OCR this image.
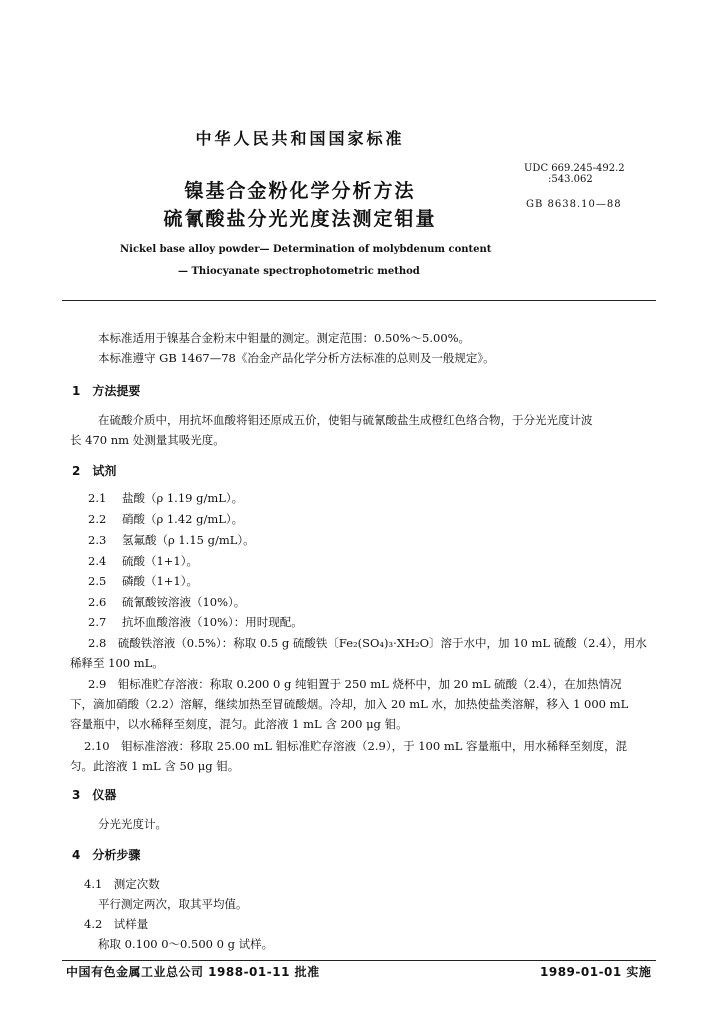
中华人民共和国国家标准
镍基合金粉化学分析方法
硫氰酸盐分光光度法测定钼量
UDC 669.245-492.2
:543.062
GB 8638.10—88
Nickel base alloy powder— Determination of molybdenum content
— Thiocyanate spectrophotometric method
本标准适用于镍基合金粉末中钼量的测定。测定范围：0.50%～5.00%。
本标准遵守 GB 1467—78《冶金产品化学分析方法标准的总则及一般规定》。
1　方法提要
在硫酸介质中，用抗坏血酸将钼还原成五价，使钼与硫氰酸盐生成橙红色络合物，于分光光度计波
长 470 nm 处测量其吸光度。
2　试剂
2.1 盐酸（ρ 1.19 g/mL）。
2.2 硝酸（ρ 1.42 g/mL）。
2.3 氢氟酸（ρ 1.15 g/mL）。
2.4 硫酸（1+1）。
2.5 磷酸（1+1）。
2.6 硫氰酸铵溶液（10%）。
2.7 抗坏血酸溶液（10%）：用时现配。
2.8　硫酸铁溶液（0.5%）：称取 0.5 g 硫酸铁〔Fe₂(SO₄)₃·XH₂O〕溶于水中，加 10 mL 硫酸（2.4），用水
稀释至 100 mL。
2.9　钼标准贮存溶液：称取 0.200 0 g 纯钼置于 250 mL 烧杯中，加 20 mL 硫酸（2.4），在加热情况
下，滴加硝酸（2.2）溶解，继续加热至冒硫酸烟。冷却，加入 20 mL 水，加热使盐类溶解，移入 1 000 mL
容量瓶中，以水稀释至刻度，混匀。此溶液 1 mL 含 200 μg 钼。
2.10　钼标准溶液：移取 25.00 mL 钼标准贮存溶液（2.9），于 100 mL 容量瓶中，用水稀释至刻度，混
匀。此溶液 1 mL 含 50 μg 钼。
3　仪器
分光光度计。
4　分析步骤
4.1　测定次数
平行测定两次，取其平均值。
4.2　试样量
称取 0.100 0～0.500 0 g 试样。
中国有色金属工业总公司 1988-01-11 批准	1989-01-01 实施
